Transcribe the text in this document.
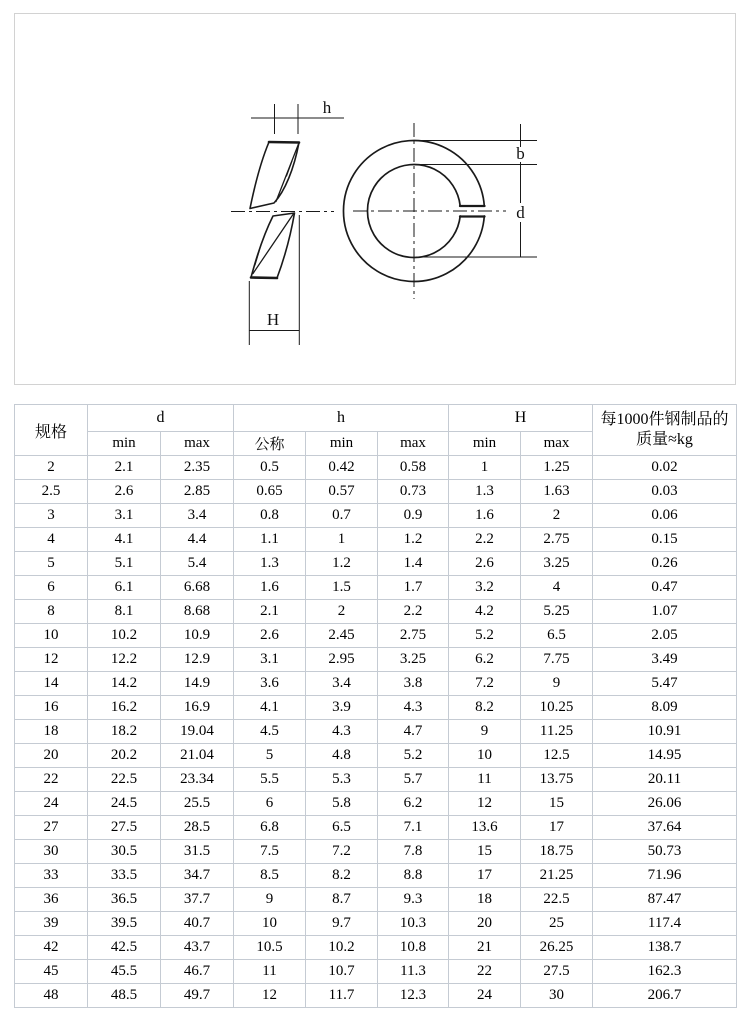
h
H
b
d
规格	d		h			H		每1000件钢制品的
质量≈kg
	min	max	公称	min	max	min	max	
2	2.1	2.35	0.5	0.42	0.58	1	1.25	0.02
2.5	2.6	2.85	0.65	0.57	0.73	1.3	1.63	0.03
3	3.1	3.4	0.8	0.7	0.9	1.6	2	0.06
4	4.1	4.4	1.1	1	1.2	2.2	2.75	0.15
5	5.1	5.4	1.3	1.2	1.4	2.6	3.25	0.26
6	6.1	6.68	1.6	1.5	1.7	3.2	4	0.47
8	8.1	8.68	2.1	2	2.2	4.2	5.25	1.07
10	10.2	10.9	2.6	2.45	2.75	5.2	6.5	2.05
12	12.2	12.9	3.1	2.95	3.25	6.2	7.75	3.49
14	14.2	14.9	3.6	3.4	3.8	7.2	9	5.47
16	16.2	16.9	4.1	3.9	4.3	8.2	10.25	8.09
18	18.2	19.04	4.5	4.3	4.7	9	11.25	10.91
20	20.2	21.04	5	4.8	5.2	10	12.5	14.95
22	22.5	23.34	5.5	5.3	5.7	11	13.75	20.11
24	24.5	25.5	6	5.8	6.2	12	15	26.06
27	27.5	28.5	6.8	6.5	7.1	13.6	17	37.64
30	30.5	31.5	7.5	7.2	7.8	15	18.75	50.73
33	33.5	34.7	8.5	8.2	8.8	17	21.25	71.96
36	36.5	37.7	9	8.7	9.3	18	22.5	87.47
39	39.5	40.7	10	9.7	10.3	20	25	117.4
42	42.5	43.7	10.5	10.2	10.8	21	26.25	138.7
45	45.5	46.7	11	10.7	11.3	22	27.5	162.3
48	48.5	49.7	12	11.7	12.3	24	30	206.7
